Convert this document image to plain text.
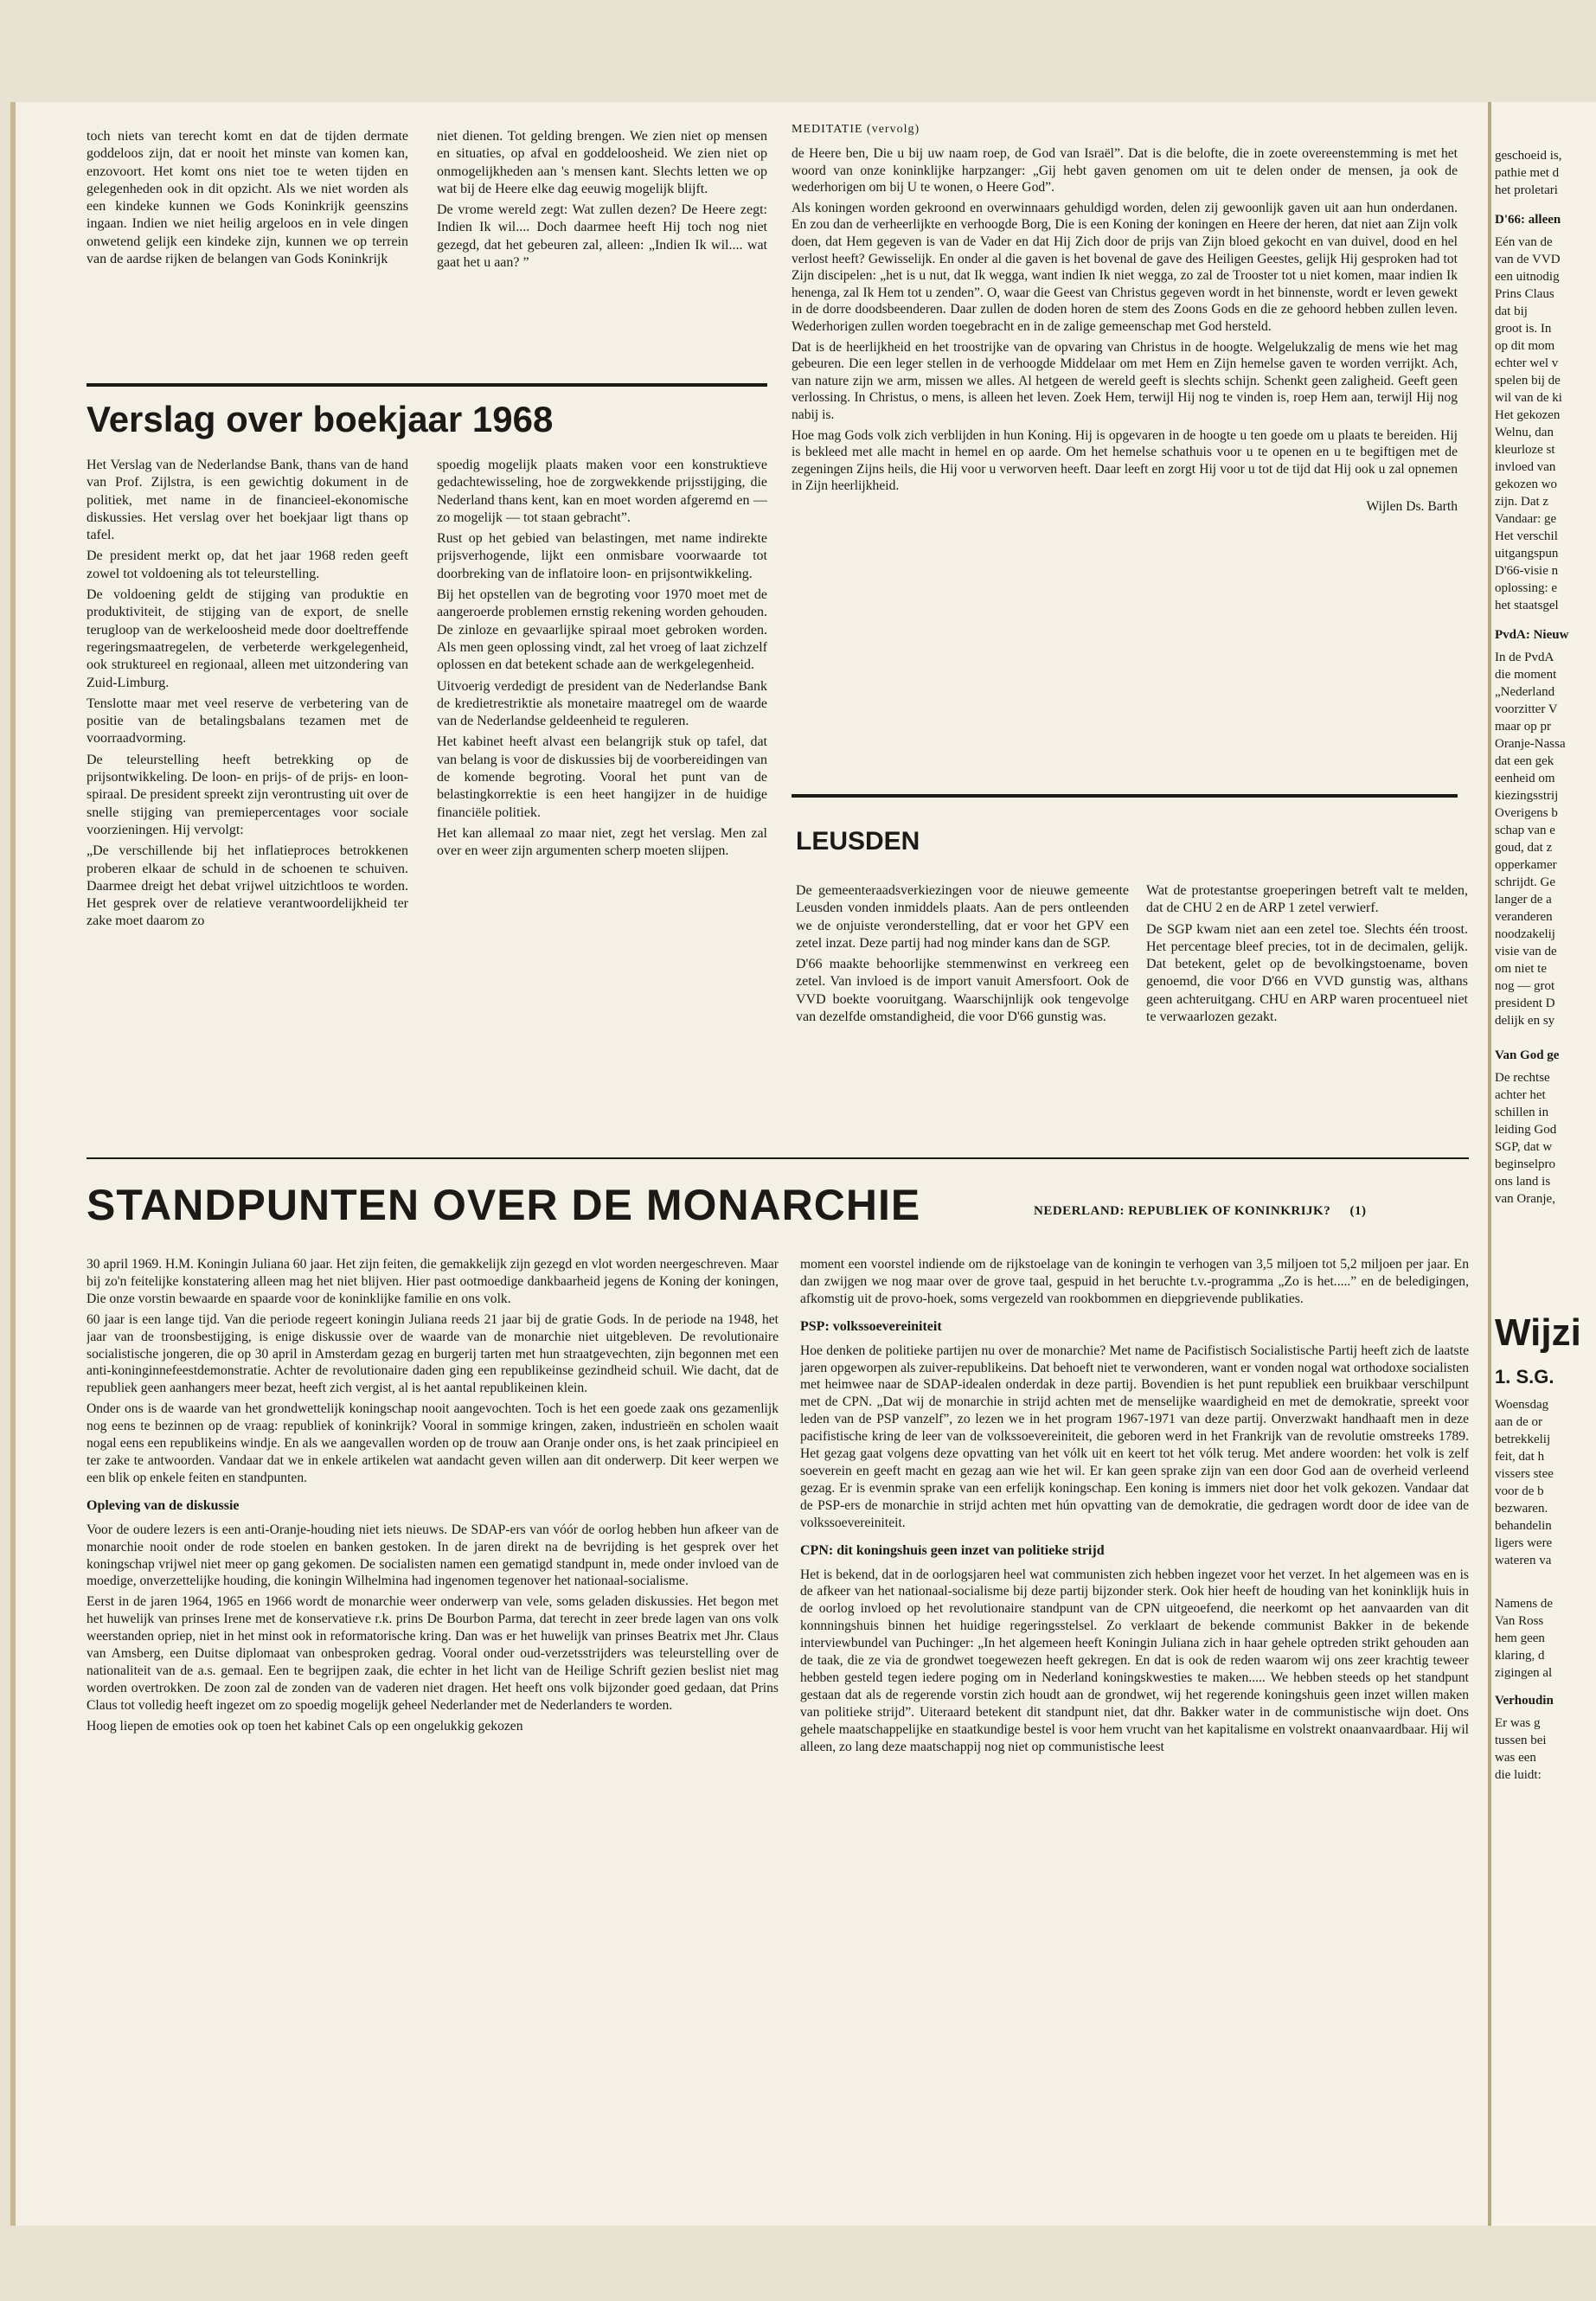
toch niets van terecht komt en dat de tijden dermate goddeloos zijn, dat er nooit het minste van komen kan, enzovoort. Het komt ons niet toe te weten tijden en gelegenheden ook in dit opzicht. Als we niet worden als een kindeke kunnen we Gods Koninkrijk geenszins ingaan. Indien we niet heilig argeloos en in vele dingen onwetend gelijk een kindeke zijn, kunnen we op terrein van de aardse rijken de belangen van Gods Koninkrijk

niet dienen. Tot gelding brengen. We zien niet op mensen en situaties, op afval en goddeloosheid. We zien niet op onmogelijkheden aan 's mensen kant. Slechts letten we op wat bij de Heere elke dag eeuwig mogelijk blijft.

De vrome wereld zegt: Wat zullen dezen? De Heere zegt: Indien Ik wil.... Doch daarmee heeft Hij toch nog niet gezegd, dat het gebeuren zal, alleen: „Indien Ik wil.... wat gaat het u aan? ”

Verslag over boekjaar 1968

Het Verslag van de Nederlandse Bank, thans van de hand van Prof. Zijlstra, is een gewichtig dokument in de politiek, met name in de financieel-ekonomische diskussies. Het verslag over het boekjaar ligt thans op tafel.

De president merkt op, dat het jaar 1968 reden geeft zowel tot voldoening als tot teleurstelling.

De voldoening geldt de stijging van produktie en produktiviteit, de stijging van de export, de snelle terugloop van de werkeloosheid mede door doeltreffende regeringsmaatregelen, de verbeterde werkgelegenheid, ook struktureel en regionaal, alleen met uitzondering van Zuid-Limburg.

Tenslotte maar met veel reserve de verbetering van de positie van de betalingsbalans tezamen met de voorraadvorming.

De teleurstelling heeft betrekking op de prijsontwikkeling. De loon- en prijs- of de prijs- en loon-spiraal. De president spreekt zijn verontrusting uit over de snelle stijging van premiepercentages voor sociale voorzieningen. Hij vervolgt:

„De verschillende bij het inflatieproces betrokkenen proberen elkaar de schuld in de schoenen te schuiven. Daarmee dreigt het debat vrijwel uitzichtloos te worden. Het gesprek over de relatieve verantwoordelijkheid ter zake moet daarom zo

spoedig mogelijk plaats maken voor een konstruktieve gedachtewisseling, hoe de zorgwekkende prijsstijging, die Nederland thans kent, kan en moet worden afgeremd en — zo mogelijk — tot staan gebracht”.

Rust op het gebied van belastingen, met name indirekte prijsverhogende, lijkt een onmisbare voorwaarde tot doorbreking van de inflatoire loon- en prijsontwikkeling.

Bij het opstellen van de begroting voor 1970 moet met de aangeroerde problemen ernstig rekening worden gehouden. De zinloze en gevaarlijke spiraal moet gebroken worden. Als men geen oplossing vindt, zal het vroeg of laat zichzelf oplossen en dat betekent schade aan de werkgelegenheid.

Uitvoerig verdedigt de president van de Nederlandse Bank de kredietrestriktie als monetaire maatregel om de waarde van de Nederlandse geldeenheid te reguleren.

Het kabinet heeft alvast een belangrijk stuk op tafel, dat van belang is voor de diskussies bij de voorbereidingen van de komende begroting. Vooral het punt van de belastingkorrektie is een heet hangijzer in de huidige financiële politiek.

Het kan allemaal zo maar niet, zegt het verslag. Men zal over en weer zijn argumenten scherp moeten slijpen.

MEDITATIE (vervolg)

de Heere ben, Die u bij uw naam roep, de God van Israël”. Dat is die belofte, die in zoete overeenstemming is met het woord van onze koninklijke harpzanger: „Gij hebt gaven genomen om uit te delen onder de mensen, ja ook de wederhorigen om bij U te wonen, o Heere God”.

Als koningen worden gekroond en overwinnaars gehuldigd worden, delen zij gewoonlijk gaven uit aan hun onderdanen. En zou dan de verheerlijkte en verhoogde Borg, Die is een Koning der koningen en Heere der heren, dat niet aan Zijn volk doen, dat Hem gegeven is van de Vader en dat Hij Zich door de prijs van Zijn bloed gekocht en van duivel, dood en hel verlost heeft? Gewisselijk. En onder al die gaven is het bovenal de gave des Heiligen Geestes, gelijk Hij gesproken had tot Zijn discipelen: „het is u nut, dat Ik wegga, want indien Ik niet wegga, zo zal de Trooster tot u niet komen, maar indien Ik henenga, zal Ik Hem tot u zenden”. O, waar die Geest van Christus gegeven wordt in het binnenste, wordt er leven gewekt in de dorre doodsbeenderen. Daar zullen de doden horen de stem des Zoons Gods en die ze gehoord hebben zullen leven. Wederhorigen zullen worden toegebracht en in de zalige gemeenschap met God hersteld.

Dat is de heerlijkheid en het troostrijke van de opvaring van Christus in de hoogte. Welgelukzalig de mens wie het mag gebeuren. Die een leger stellen in de verhoogde Middelaar om met Hem en Zijn hemelse gaven te worden verrijkt. Ach, van nature zijn we arm, missen we alles. Al hetgeen de wereld geeft is slechts schijn. Schenkt geen zaligheid. Geeft geen verlossing. In Christus, o mens, is alleen het leven. Zoek Hem, terwijl Hij nog te vinden is, roep Hem aan, terwijl Hij nog nabij is.

Hoe mag Gods volk zich verblijden in hun Koning. Hij is opgevaren in de hoogte u ten goede om u plaats te bereiden. Hij is bekleed met alle macht in hemel en op aarde. Om het hemelse schathuis voor u te openen en u te begiftigen met de zegeningen Zijns heils, die Hij voor u verworven heeft. Daar leeft en zorgt Hij voor u tot de tijd dat Hij ook u zal opnemen in Zijn heerlijkheid.

Wijlen Ds. Barth
LEUSDEN

De gemeenteraadsverkiezingen voor de nieuwe gemeente Leusden vonden inmiddels plaats. Aan de pers ontleenden we de onjuiste veronderstelling, dat er voor het GPV een zetel inzat. Deze partij had nog minder kans dan de SGP.

D'66 maakte behoorlijke stemmenwinst en verkreeg een zetel. Van invloed is de import vanuit Amersfoort. Ook de VVD boekte vooruitgang. Waarschijnlijk ook tengevolge van dezelfde omstandigheid, die voor D'66 gunstig was.

Wat de protestantse groeperingen betreft valt te melden, dat de CHU 2 en de ARP 1 zetel verwierf.

De SGP kwam niet aan een zetel toe. Slechts één troost. Het percentage bleef precies, tot in de decimalen, gelijk. Dat betekent, gelet op de bevolkingstoename, boven genoemd, die voor D'66 en VVD gunstig was, althans geen achteruitgang. CHU en ARP waren procentueel niet te verwaarlozen gezakt.

STANDPUNTEN OVER DE MONARCHIE	NEDERLAND: REPUBLIEK OF KONINKRIJK? (1)

30 april 1969. H.M. Koningin Juliana 60 jaar. Het zijn feiten, die gemakkelijk zijn gezegd en vlot worden neergeschreven. Maar bij zo'n feitelijke konstatering alleen mag het niet blijven. Hier past ootmoedige dankbaarheid jegens de Koning der koningen, Die onze vorstin bewaarde en spaarde voor de koninklijke familie en ons volk.

60 jaar is een lange tijd. Van die periode regeert koningin Juliana reeds 21 jaar bij de gratie Gods. In de periode na 1948, het jaar van de troonsbestijging, is enige diskussie over de waarde van de monarchie niet uitgebleven. De revolutionaire socialistische jongeren, die op 30 april in Amsterdam gezag en burgerij tarten met hun straatgevechten, zijn begonnen met een anti-koninginnefeestdemonstratie. Achter de revolutionaire daden ging een republikeinse gezindheid schuil. Wie dacht, dat de republiek geen aanhangers meer bezat, heeft zich vergist, al is het aantal republikeinen klein.

Onder ons is de waarde van het grondwettelijk koningschap nooit aangevochten. Toch is het een goede zaak ons gezamenlijk nog eens te bezinnen op de vraag: republiek of koninkrijk? Vooral in sommige kringen, zaken, industrieën en scholen waait nogal eens een republikeins windje. En als we aangevallen worden op de trouw aan Oranje onder ons, is het zaak principieel en ter zake te antwoorden. Vandaar dat we in enkele artikelen wat aandacht geven willen aan dit onderwerp. Dit keer werpen we een blik op enkele feiten en standpunten.

Opleving van de diskussie

Voor de oudere lezers is een anti-Oranje-houding niet iets nieuws. De SDAP-ers van vóór de oorlog hebben hun afkeer van de monarchie nooit onder de rode stoelen en banken gestoken. In de jaren direkt na de bevrijding is het gesprek over het koningschap vrijwel niet meer op gang gekomen. De socialisten namen een gematigd standpunt in, mede onder invloed van de moedige, onverzettelijke houding, die koningin Wilhelmina had ingenomen tegenover het nationaal-socialisme.

Eerst in de jaren 1964, 1965 en 1966 wordt de monarchie weer onderwerp van vele, soms geladen diskussies. Het begon met het huwelijk van prinses Irene met de konservatieve r.k. prins De Bourbon Parma, dat terecht in zeer brede lagen van ons volk weerstanden opriep, niet in het minst ook in reformatorische kring. Dan was er het huwelijk van prinses Beatrix met Jhr. Claus van Amsberg, een Duitse diplomaat van onbesproken gedrag. Vooral onder oud-verzetsstrijders was teleurstelling over de nationaliteit van de a.s. gemaal. Een te begrijpen zaak, die echter in het licht van de Heilige Schrift gezien beslist niet mag worden overtrokken. De zoon zal de zonden van de vaderen niet dragen. Het heeft ons volk bijzonder goed gedaan, dat Prins Claus tot volledig heeft ingezet om zo spoedig mogelijk geheel Nederlander met de Nederlanders te worden.

Hoog liepen de emoties ook op toen het kabinet Cals op een ongelukkig gekozen

moment een voorstel indiende om de rijkstoelage van de koningin te verhogen van 3,5 miljoen tot 5,2 miljoen per jaar. En dan zwijgen we nog maar over de grove taal, gespuid in het beruchte t.v.-programma „Zo is het.....” en de beledigingen, afkomstig uit de provo-hoek, soms vergezeld van rookbommen en diepgrievende publikaties.

PSP: volkssoevereiniteit

Hoe denken de politieke partijen nu over de monarchie? Met name de Pacifistisch Socialistische Partij heeft zich de laatste jaren opgeworpen als zuiver-republikeins. Dat behoeft niet te verwonderen, want er vonden nogal wat orthodoxe socialisten met heimwee naar de SDAP-idealen onderdak in deze partij. Bovendien is het punt republiek een bruikbaar verschilpunt met de CPN. „Dat wij de monarchie in strijd achten met de menselijke waardigheid en met de demokratie, spreekt voor leden van de PSP vanzelf”, zo lezen we in het program 1967-1971 van deze partij. Onverzwakt handhaaft men in deze pacifistische kring de leer van de volkssoevereiniteit, die geboren werd in het Frankrijk van de revolutie omstreeks 1789. Het gezag gaat volgens deze opvatting van het vólk uit en keert tot het vólk terug. Met andere woorden: het volk is zelf soeverein en geeft macht en gezag aan wie het wil. Er kan geen sprake zijn van een door God aan de overheid verleend gezag. Er is evenmin sprake van een erfelijk koningschap. Een koning is immers niet door het volk gekozen. Vandaar dat de PSP-ers de monarchie in strijd achten met hún opvatting van de demokratie, die gedragen wordt door de idee van de volkssoevereiniteit.

CPN: dit koningshuis geen inzet van politieke strijd

Het is bekend, dat in de oorlogsjaren heel wat communisten zich hebben ingezet voor het verzet. In het algemeen was en is de afkeer van het nationaal-socialisme bij deze partij bijzonder sterk. Ook hier heeft de houding van het koninklijk huis in de oorlog invloed op het revolutionaire standpunt van de CPN uitgeoefend, die neerkomt op het aanvaarden van dit konnningshuis binnen het huidige regeringsstelsel. Zo verklaart de bekende communist Bakker in de bekende interviewbundel van Puchinger: „In het algemeen heeft Koningin Juliana zich in haar gehele optreden strikt gehouden aan de taak, die ze via de grondwet toegewezen heeft gekregen. En dat is ook de reden waarom wij ons zeer krachtig teweer hebben gesteld tegen iedere poging om in Nederland koningskwesties te maken..... We hebben steeds op het standpunt gestaan dat als de regerende vorstin zich houdt aan de grondwet, wij het regerende koningshuis geen inzet willen maken van politieke strijd”. Uiteraard betekent dit standpunt niet, dat dhr. Bakker water in de communistische wijn doet. Ons gehele maatschappelijke en staatkundige bestel is voor hem vrucht van het kapitalisme en volstrekt onaanvaardbaar. Hij wil alleen, zo lang deze maatschappij nog niet op communistische leest

geschoeid is,
pathie met d
het proletari
D'66: alleen
Eén van de
van de VVD
een uitnodig
Prins Claus
dat bij
groot is. In
op dit mom
echter wel v
spelen bij de
wil van de ki
Het gekozen
Welnu, dan
kleurloze st
invloed van
gekozen wo
zijn. Dat z
Vandaar: ge
Het verschil
uitgangspun
D'66-visie n
oplossing: e
het staatsgel
PvdA: Nieuw
In de PvdA
die moment
„Nederland
voorzitter V
maar op pr
Oranje-Nassa
dat een gek
eenheid om
kiezingsstrij
Overigens b
schap van e
goud, dat z
opperkamer
schrijdt. Ge
langer de a
veranderen
noodzakelij
visie van de
om niet te
nog — grot
president D
delijk en sy
Van God ge
De rechtse
achter het
schillen in
leiding God
SGP, dat w
beginselpro
ons land is
van Oranje,
Wijzi
1. S.G.
Woensdag
aan de or
betrekkelij
feit, dat h
vissers stee
voor de b
bezwaren.
behandelin
ligers were
wateren va
Namens de
Van Ross
hem geen
klaring, d
zigingen al
Verhoudin
Er was g
tussen bei
was een
die luidt:
